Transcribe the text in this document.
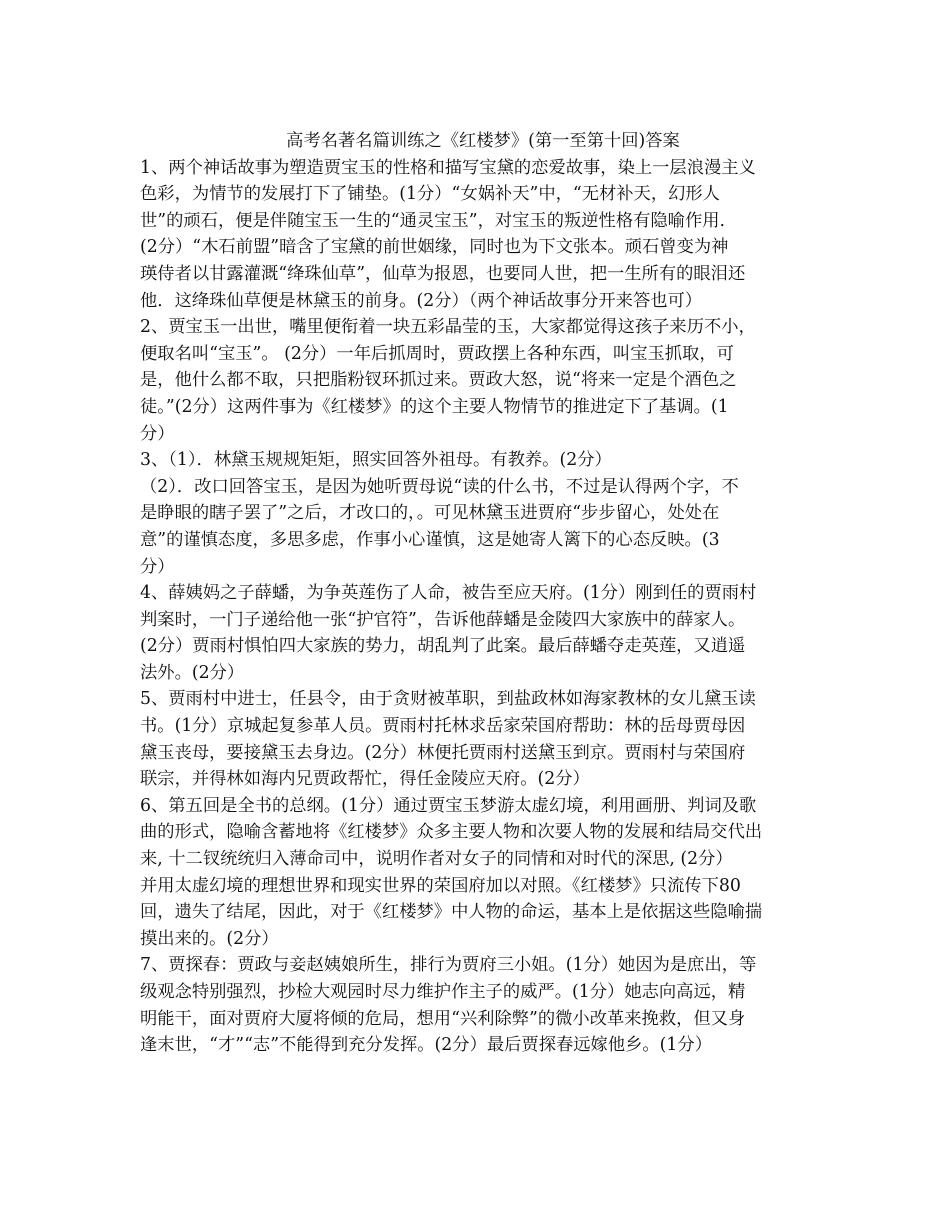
高考名著名篇训练之《红楼梦》(第一至第十回)答案

1、两个神话故事为塑造贾宝玉的性格和描写宝黛的恋爱故事，染上一层浪漫主义
色彩，为情节的发展打下了铺垫。(1分）“女娲补天”中，“无材补天，幻形人
世”的顽石，便是伴随宝玉一生的“通灵宝玉”，对宝玉的叛逆性格有隐喻作用.
(2分）“木石前盟”暗含了宝黛的前世姻缘，同时也为下文张本。顽石曾变为神
瑛侍者以甘露灌溉“绛珠仙草”，仙草为报恩，也要同人世，把一生所有的眼泪还
他．这绛珠仙草便是林黛玉的前身。(2分）（两个神话故事分开来答也可）
2、贾宝玉一出世，嘴里便衔着一块五彩晶莹的玉，大家都觉得这孩子来历不小，
便取名叫“宝玉”。 (2分）一年后抓周时，贾政摆上各种东西，叫宝玉抓取，可
是，他什么都不取，只把脂粉钗环抓过来。贾政大怒，说“将来一定是个酒色之
徒。”(2分）这两件事为《红楼梦》的这个主要人物情节的推进定下了基调。(1
分）
3、（1）．林黛玉规规矩矩，照实回答外祖母。有教养。(2分）
（2）．改口回答宝玉，是因为她听贾母说“读的什么书，不过是认得两个字，不
是睁眼的瞎子罢了”之后，才改口的，。可见林黛玉进贾府“步步留心，处处在
意”的谨慎态度，多思多虑，作事小心谨慎，这是她寄人篱下的心态反映。(3
分）
4、薛姨妈之子薛蟠，为争英莲伤了人命，被告至应天府。(1分）刚到任的贾雨村
判案时，一门子递给他一张“护官符”，告诉他薛蟠是金陵四大家族中的薛家人。
(2分）贾雨村惧怕四大家族的势力，胡乱判了此案。最后薛蟠夺走英莲，又逍遥
法外。(2分）
5、贾雨村中进士，任县令，由于贪财被革职，到盐政林如海家教林的女儿黛玉读
书。(1分）京城起复参革人员。贾雨村托林求岳家荣国府帮助：林的岳母贾母因
黛玉丧母，要接黛玉去身边。(2分）林便托贾雨村送黛玉到京。贾雨村与荣国府
联宗，并得林如海内兄贾政帮忙，得任金陵应天府。(2分）
6、第五回是全书的总纲。(1分）通过贾宝玉梦游太虚幻境，利用画册、判词及歌
曲的形式，隐喻含蓄地将《红楼梦》众多主要人物和次要人物的发展和结局交代出
来, 十二钗统统归入薄命司中，说明作者对女子的同情和对时代的深思, (2分）
并用太虚幻境的理想世界和现实世界的荣国府加以对照。《红楼梦》只流传下80
回，遗失了结尾，因此，对于《红楼梦》中人物的命运，基本上是依据这些隐喻揣
摸出来的。(2分）
7、贾探春：贾政与妾赵姨娘所生，排行为贾府三小姐。(1分）她因为是庶出，等
级观念特别强烈，抄检大观园时尽力维护作主子的威严。(1分）她志向高远，精
明能干，面对贾府大厦将倾的危局，想用“兴利除弊”的微小改革来挽救，但又身
逢末世，“才”“志”不能得到充分发挥。(2分）最后贾探春远嫁他乡。(1分）
